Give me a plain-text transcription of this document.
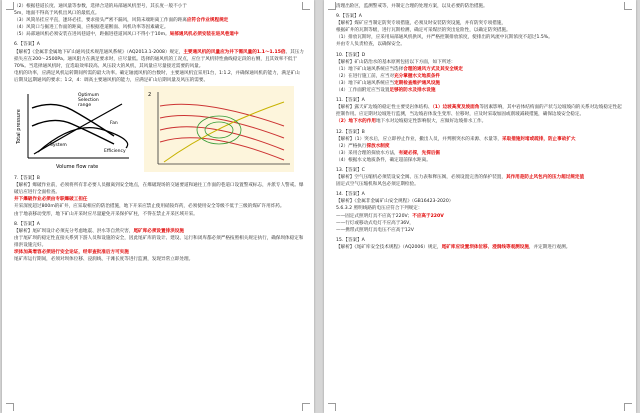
（2）根据巷道长度、通风量等参数，选择合适的局部通风机型号，其长度一般不小于

5m，地面不得高于风机出风口的最低点。

（3）风筒吊挂应平直，逢环必挂，要求接头严密不漏风，风筒末端距离工作面的距离应符合作业规程规定

（4）风筒口与掘进工作面的距离，应根据巷道断面、风机功率等因素确定。

（5）局部通风机必须安装在进风巷道中，距掘进巷道回风口不得小于10m。局部通风机必须安装在进风巷道中

6.【答案】A

【解析】《金属非金属地下矿山通风技术规范通风系统》（AQ2013.1-2008）规定，主要通风机的风量应为井下需风量的1.1～1.15倍。其压力损失应在200～2500Pa。通风阻力在满足要求时，应尽量低。选择的通风机的工况点，应位于风机特性曲线稳定段的右侧，且其效率不低于70%。当选择通风机时，宜选取效率较高、风压较大的风机，其风量应尽量接近需要的风量。

电机的功率，应满足风机运转期间所需的最大功率。确定轴流风机的台数时，主要通风机宜采用1台，1:1.2，并确保通风机的能力，满足矿山后期及远期通风的要求；1:2，4：调高主要通风机的能力，应满足矿山后期风量及风压的需要。

Total pressure
Volume flow rate
Optimum
Selection
range
System
Fan
Efficiency
2

7.【答案】B

【解析】爆破作业前，必须将所有非必要人员撤离到安全地点，在爆破现场的交通要道和通往工作面的巷道口设置警戒标志，并派专人警戒。爆破后应进行全面检查。

井下爆破作业必须由专职爆破工担任

开采深度超过800m的矿井，应采取相应的防治措施，地下开采应禁止使用硝铵炸药，必须使用安全等级不低于三级的煤矿许用炸药。

由于地表移动变形，地下矿山开采时应尽量避免开采保护矿柱，不得在禁止开采区域开采。

8.【答案】A

【解析】尾矿坝设计必须充分考虑地震、洪水等自然灾害，尾矿库必须设置排洪设施

由于尾矿坝的稳定性直接关系到下游人员和设施的安全，因此尾矿库的设计、建设、运行和闭库都必须严格按照相关规定执行，确保坝体稳定和排洪设施完好。

坝体加高增容必须进行安全论证，经审查批准后方可实施

尾矿库运行期间，必须对坝体位移、浸润线、干滩长度等进行监测，发现异常立即处理。

清理出险区，监测警戒等，并制定合理的处理方案，以及必要的防治措施。

9.【答案】A

【解析】煤矿应当制定防突专项措施，必须及时安装防突设施，并有防突专项措施，

根据矿井的瓦斯等级，进行瓦斯检测，确定可采煤层的突出危险性，以确定防突措施。

（1）排放瓦斯时，应采用局部通风机供风，并严格控制排放浓度，使排出的风流中瓦斯浓度不超过1.5%。

并由专人负责检查，以确保安全。

10.【答案】D

【解析】矿山防治水的基本原则包括以下方面，如下所述：

（1）地下矿山通风系统应当选择合理的通风方式及其安全规定

（2）在进行施工前，应当对充分掌握水文地质条件

（3）地下矿山通风系统应当定期检查维护通风设施

（4）工作面附近应当设置足够的防水及排水设施

11.【答案】A

【解析】露天矿边坡的稳定性主要受岩体结构、（1）边坡高度及坡面角等因素影响，其中岩体结构面的产状与边坡坡向的关系对边坡稳定性起控制作用。应定期对边坡进行监测，当边坡岩体发生变形、位移时，应及时采取加固或削坡减载措施，确保边坡安全稳定。

（2）地下水的作用地下水对边坡稳定性影响很大，应做好边坡排水工作。

12.【答案】B

【解析】（1）突水后，应立即停止作业，撤出人员，并判断突水的来源、水量等，采取措施封堵或疏排，防止事故扩大

（2）严格执行探放水制度

（3）采用合理的探放水方法，有疑必探，先探后掘

（4）根据水文地质条件，确定超前探水距离。

13.【答案】C

【解析】空气压缩机必须装设安全阀、压力表和释压阀，必须设置完善的保护装置，其作用是防止风包内的压力超过规定值

固定式空气压缩机和风包必须定期检验。

14.【答案】A

【解析】《金属非金属矿山安全规程》（GB16423-2020）

5.6.3.2 照明线路的电压应符合下列规定：

——固定式照明灯具不应高于220V；不应高于220V

——行灯或移动式电灯不应高于36V，

——携带式照明灯具电压不应高于12V

15.【答案】A

【解析】《尾矿库安全技术规程》（AQ2006）规定，尾矿库应设置坝体位移、浸润线等观测设施，并定期进行观测。
